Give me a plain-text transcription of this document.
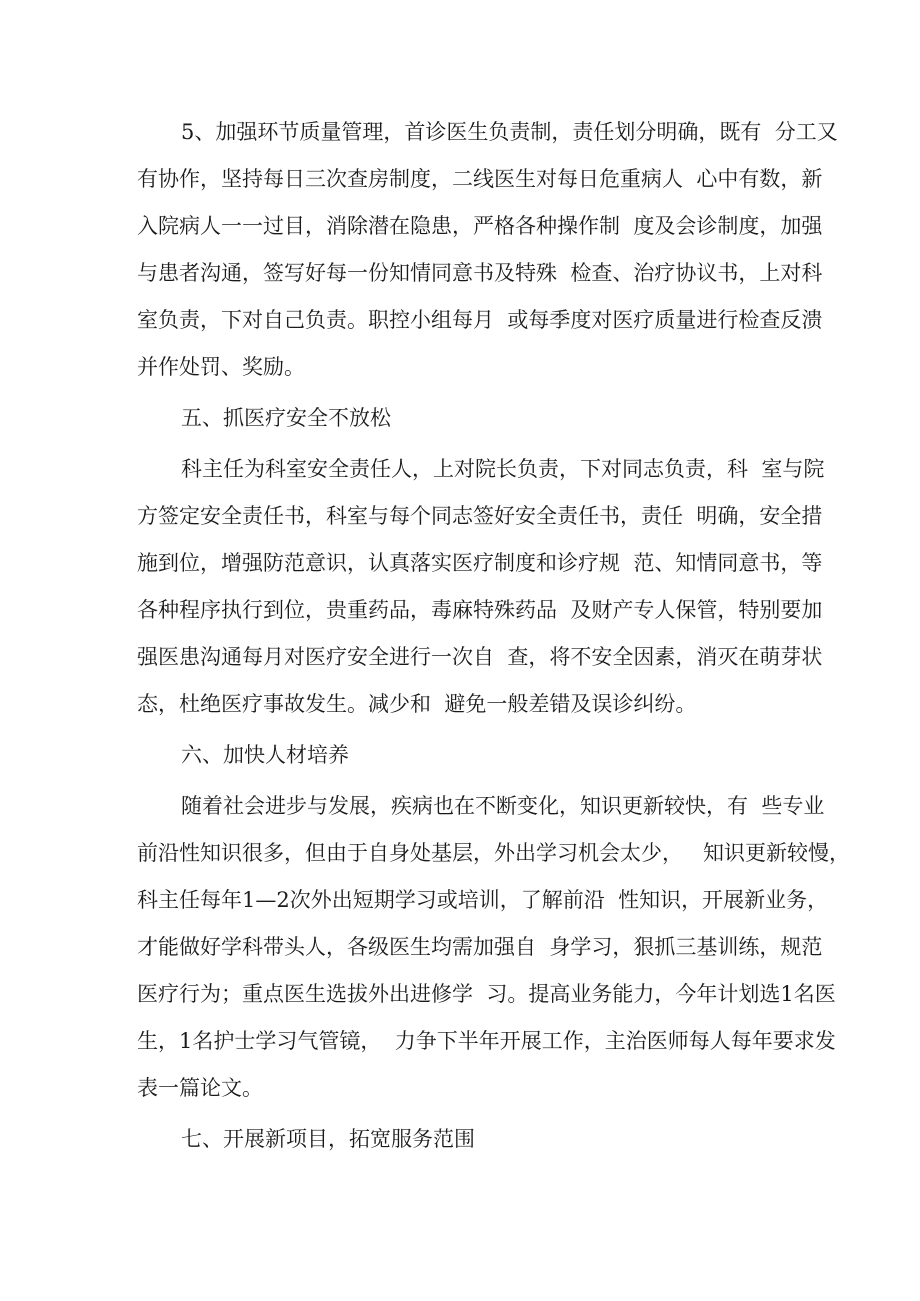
5、加强环节质量管理，首诊医生负责制，责任划分明确，既有  分工又
有协作，坚持每日三次查房制度，二线医生对每日危重病人  心中有数，新
入院病人一一过目，消除潜在隐患，严格各种操作制  度及会诊制度，加强
与患者沟通，签写好每一份知情同意书及特殊  检查、治疗协议书，上对科
室负责，下对自己负责。职控小组每月  或每季度对医疗质量进行检查反溃
并作处罚、奖励。
五、抓医疗安全不放松
科主任为科室安全责任人，上对院长负责，下对同志负责，科  室与院
方签定安全责任书，科室与每个同志签好安全责任书，责任  明确，安全措
施到位，增强防范意识，认真落实医疗制度和诊疗规  范、知情同意书，等
各种程序执行到位，贵重药品，毒麻特殊药品  及财产专人保管，特别要加
强医患沟通每月对医疗安全进行一次自  查，将不安全因素，消灭在萌芽状
态，杜绝医疗事故发生。减少和  避免一般差错及误诊纠纷。
六、加快人材培养
随着社会进步与发展，疾病也在不断变化，知识更新较快，有  些专业
前沿性知识很多，但由于自身处基层，外出学习机会太少，   知识更新较慢，
科主任每年1—2次外出短期学习或培训，了解前沿  性知识，开展新业务，
才能做好学科带头人，各级医生均需加强自  身学习，狠抓三基训练，规范
医疗行为；重点医生选拔外出进修学  习。提高业务能力，今年计划选1名医
生，1名护士学习气管镜，  力争下半年开展工作，主治医师每人每年要求发
表一篇论文。
七、开展新项目，拓宽服务范围
